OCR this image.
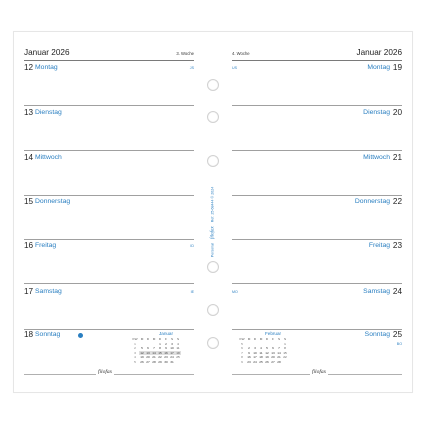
Januar 2026	3. Woche
12 Montag	JS
13 Dienstag
14 Mittwoch
15 Donnerstag
16 Freitag	ID
17 Samstag	IE
18 Sonntag	Januar
KW	M	D	M	D	F	S	S
1				1	2	3	4
2	5	6	7	8	9	10	11
3	12	13	14	15	16	17	18
4	19	20	21	22	23	24	25
5	26	27	28	29	30	31	
filofax
Personal filofax Ref. 25-68444 © 2024
4. Woche	Januar 2026
US	Montag 19
Dienstag 20
Mittwoch 21
Donnerstag 22
Freitag 23
MO	Samstag 24
Sonntag 25
BO
Februar
KW	M	D	M	D	F	S	S
5							1
6	2	3	4	5	6	7	8
7	9	10	11	12	13	14	15
8	16	17	18	19	20	21	22
9	23	24	25	26	27	28	
filofax
